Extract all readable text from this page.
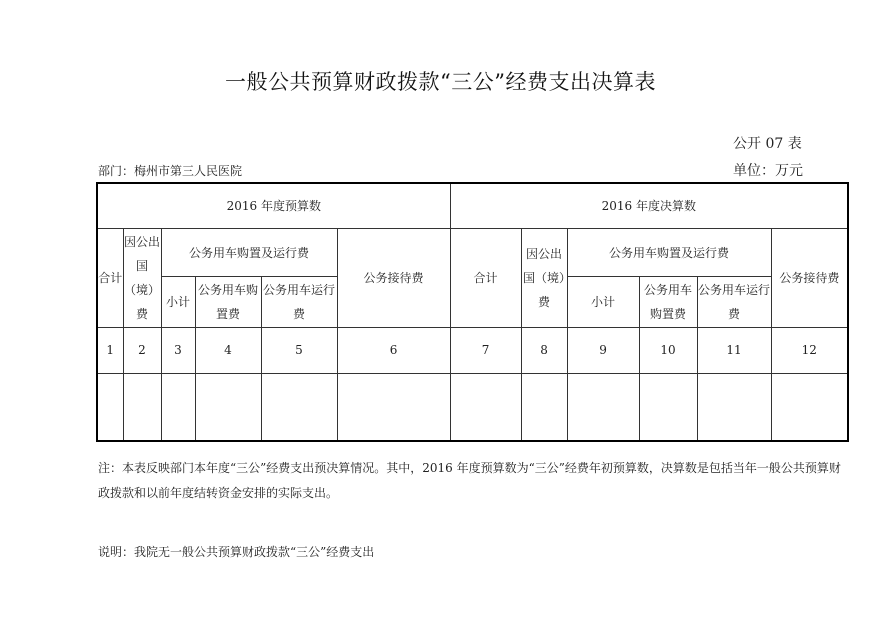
一般公共预算财政拨款“三公”经费支出决算表
公开 07 表
部门：梅州市第三人民医院	单位：万元
2016 年度预算数						2016 年度决算数					
合计	因公出国（境）费	公务用车购置及运行费			公务接待费	合计	因公出国（境）费	公务用车购置及运行费			公务接待费
		小计	公务用车购置费	公务用车运行费				小计	公务用车购置费	公务用车运行费	
1	2	3	4	5	6	7	8	9	10	11	12

注：本表反映部门本年度“三公”经费支出预决算情况。其中，2016 年度预算数为“三公”经费年初预算数，决算数是包括当年一般公共预算财政拨款和以前年度结转资金安排的实际支出。
说明：我院无一般公共预算财政拨款“三公”经费支出
